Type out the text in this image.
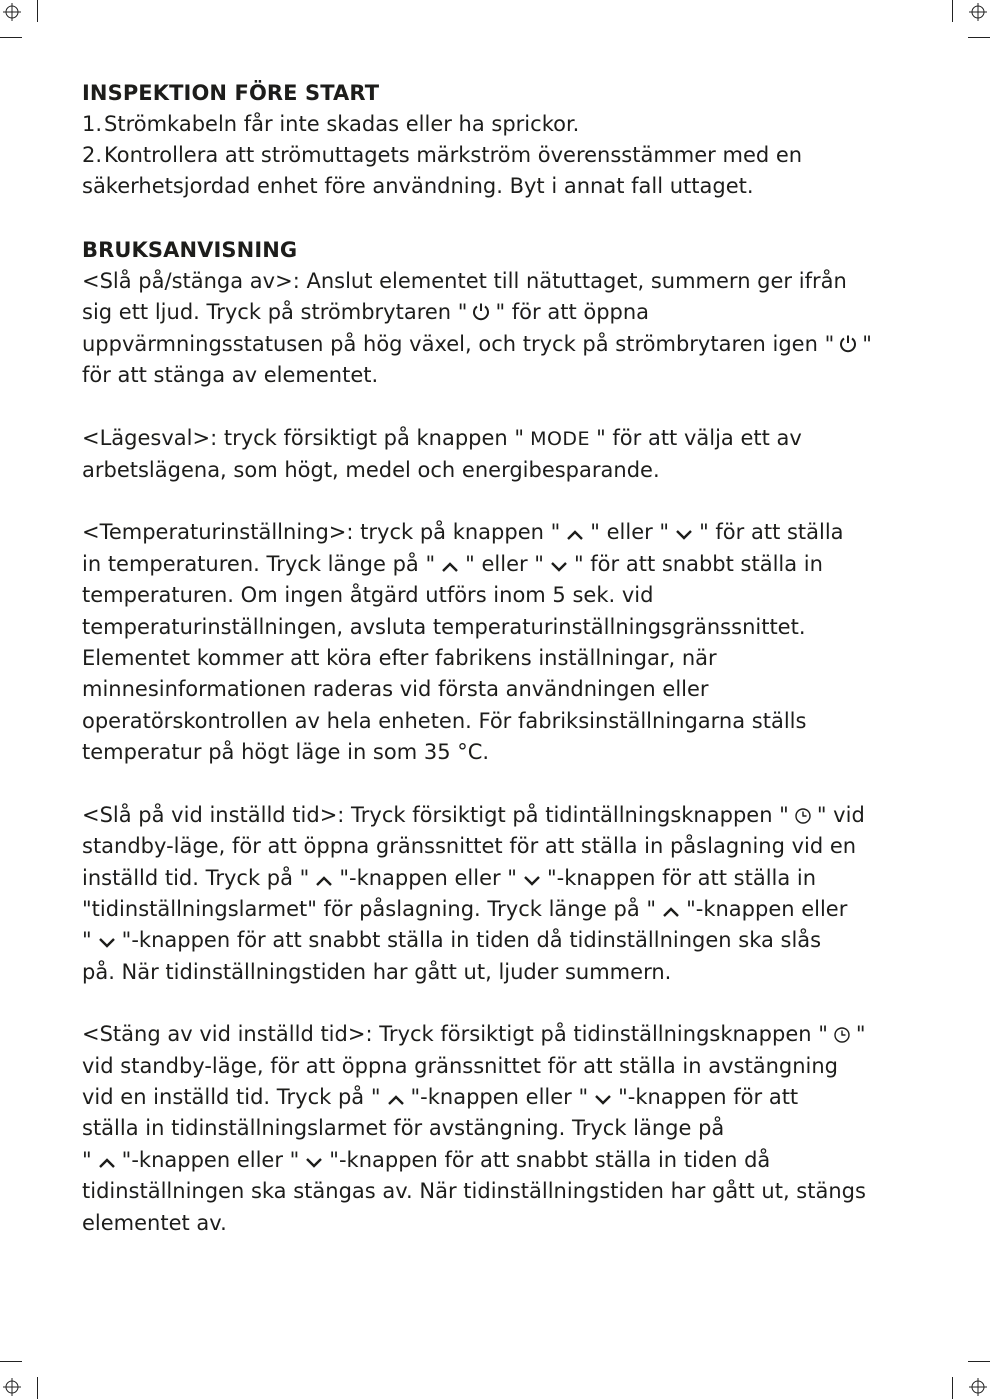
INSPEKTION FÖRE START

1.Strömkabeln får inte skadas eller ha sprickor.
2.Kontrollera att strömuttagets märkström överensstämmer med en
säkerhetsjordad enhet före användning. Byt i annat fall uttaget.

BRUKSANVISNING

<Slå på/stänga av>: Anslut elementet till nätuttaget, summern ger ifrån

sig ett ljud. Tryck på strömbrytaren " " för att öppna

uppvärmningsstatusen på hög växel, och tryck på strömbrytaren igen " "

för att stänga av elementet.

<Lägesval>: tryck försiktigt på knappen " MODE " för att välja ett av

arbetslägena, som högt, medel och energibesparande.

<Temperaturinställning>: tryck på knappen " " eller " " för att ställa

in temperaturen. Tryck länge på " " eller " " för att snabbt ställa in

temperaturen. Om ingen åtgärd utförs inom 5 sek. vid

temperaturinställningen, avsluta temperaturinställningsgränssnittet.

Elementet kommer att köra efter fabrikens inställningar, när

minnesinformationen raderas vid första användningen eller

operatörskontrollen av hela enheten. För fabriksinställningarna ställs

temperatur på högt läge in som 35 °C.

<Slå på vid inställd tid>: Tryck försiktigt på tidintällningsknappen " " vid

standby-läge, för att öppna gränssnittet för att ställa in påslagning vid en

inställd tid. Tryck på " "-knappen eller " "-knappen för att ställa in

"tidinställningslarmet" för påslagning. Tryck länge på " "-knappen eller

" "-knappen för att snabbt ställa in tiden då tidinställningen ska slås

på. När tidinställningstiden har gått ut, ljuder summern.

<Stäng av vid inställd tid>: Tryck försiktigt på tidinställningsknappen " "

vid standby-läge, för att öppna gränssnittet för att ställa in avstängning

vid en inställd tid. Tryck på " "-knappen eller " "-knappen för att

ställa in tidinställningslarmet för avstängning. Tryck länge på

" "-knappen eller " "-knappen för att snabbt ställa in tiden då

tidinställningen ska stängas av. När tidinställningstiden har gått ut, stängs

elementet av.
